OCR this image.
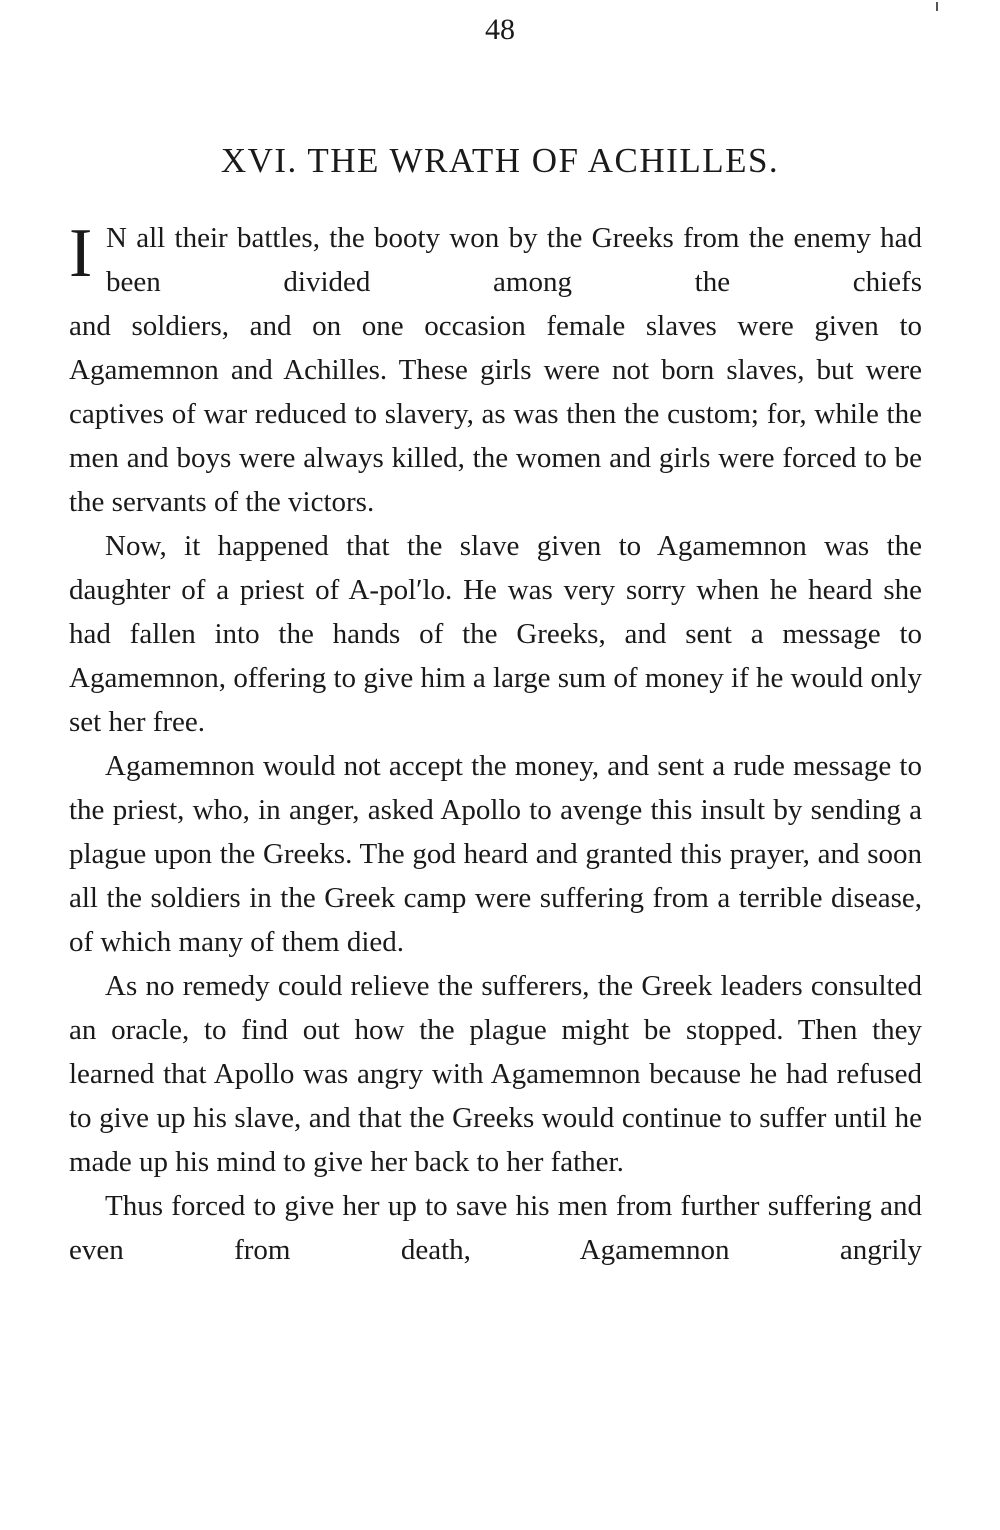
48
XVI. THE WRATH OF ACHILLES.
I N all their battles, the booty won by the Greeks from the enemy had been divided among the chiefs
and soldiers, and on one occasion female slaves were given to Agamemnon and Achilles. These girls were not born slaves, but were captives of war reduced to slavery, as was then the custom; for, while the men and boys were always killed, the women and girls were forced to be the servants of the victors.

Now, it happened that the slave given to Agamemnon was the daughter of a priest of A-pol′lo. He was very sorry when he heard she had fallen into the hands of the Greeks, and sent a message to Agamemnon, offering to give him a large sum of money if he would only set her free.

Agamemnon would not accept the money, and sent a rude message to the priest, who, in anger, asked Apollo to avenge this insult by sending a plague upon the Greeks. The god heard and granted this prayer, and soon all the soldiers in the Greek camp were suffering from a terrible disease, of which many of them died.

As no remedy could relieve the sufferers, the Greek leaders consulted an oracle, to find out how the plague might be stopped. Then they learned that Apollo was angry with Agamemnon because he had refused to give up his slave, and that the Greeks would continue to suffer until he made up his mind to give her back to her father.

Thus forced to give her up to save his men from further suffering and even from death, Agamemnon angrily
